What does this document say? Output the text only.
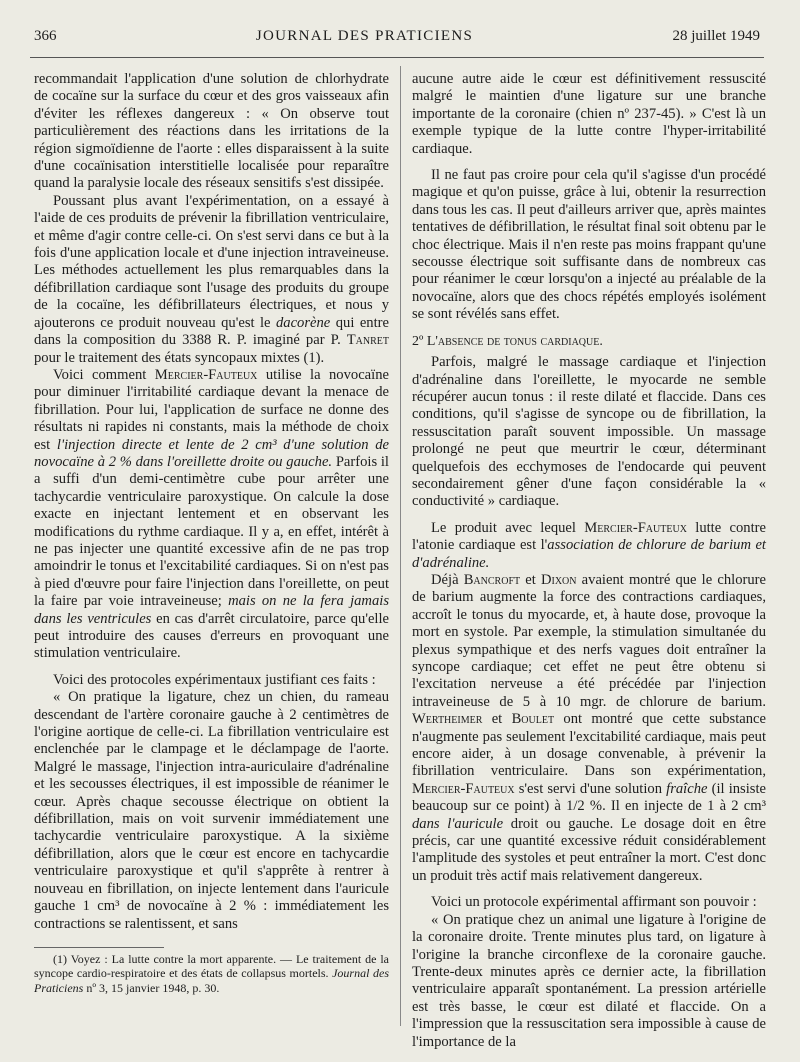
366	JOURNAL DES PRATICIENS	28 juillet 1949

recommandait l'application d'une solution de chlorhydrate de cocaïne sur la surface du cœur et des gros vaisseaux afin d'éviter les réflexes dangereux : « On observe tout particulièrement des réactions dans les irritations de la région sigmoïdienne de l'aorte : elles disparaissent à la suite d'une cocaïnisation interstitielle localisée pour reparaître quand la paralysie locale des réseaux sensitifs s'est dissipée.

Poussant plus avant l'expérimentation, on a essayé à l'aide de ces produits de prévenir la fibrillation ventriculaire, et même d'agir contre celle-ci. On s'est servi dans ce but à la fois d'une application locale et d'une injection intraveineuse. Les méthodes actuellement les plus remarquables dans la défibrillation cardiaque sont l'usage des produits du groupe de la cocaïne, les défibrillateurs électriques, et nous y ajouterons ce produit nouveau qu'est le dacorène qui entre dans la composition du 3388 R. P. imaginé par P. Tanret pour le traitement des états syncopaux mixtes (1).

Voici comment Mercier-Fauteux utilise la novocaïne pour diminuer l'irritabilité cardiaque devant la menace de fibrillation. Pour lui, l'application de surface ne donne des résultats ni rapides ni constants, mais la méthode de choix est l'injection directe et lente de 2 cm³ d'une solution de novocaïne à 2 % dans l'oreillette droite ou gauche. Parfois il a suffi d'un demi-centimètre cube pour arrêter une tachycardie ventriculaire paroxystique. On calcule la dose exacte en injectant lentement et en observant les modifications du rythme cardiaque. Il y a, en effet, intérêt à ne pas injecter une quantité excessive afin de ne pas trop amoindrir le tonus et l'excitabilité cardiaques. Si on n'est pas à pied d'œuvre pour faire l'injection dans l'oreillette, on peut la faire par voie intraveineuse; mais on ne la fera jamais dans les ventricules en cas d'arrêt circulatoire, parce qu'elle peut introduire des causes d'erreurs en provoquant une stimulation ventriculaire.

Voici des protocoles expérimentaux justifiant ces faits :

« On pratique la ligature, chez un chien, du rameau descendant de l'artère coronaire gauche à 2 centimètres de l'origine aortique de celle-ci. La fibrillation ventriculaire est enclenchée par le clampage et le déclampage de l'aorte. Malgré le massage, l'injection intra-auriculaire d'adrénaline et les secousses électriques, il est impossible de réanimer le cœur. Après chaque secousse électrique on obtient la défibrillation, mais on voit survenir immédiatement une tachycardie ventriculaire paroxystique. A la sixième défibrillation, alors que le cœur est encore en tachycardie ventriculaire paroxystique et qu'il s'apprête à rentrer à nouveau en fibrillation, on injecte lentement dans l'auricule gauche 1 cm³ de novocaïne à 2 % : immédiatement les contractions se ralentissent, et sans

(1) Voyez : La lutte contre la mort apparente. — Le traitement de la syncope cardio-respiratoire et des états de collapsus mortels. Journal des Praticiens nº 3, 15 janvier 1948, p. 30.

aucune autre aide le cœur est définitivement ressuscité malgré le maintien d'une ligature sur une branche importante de la coronaire (chien nº 237-45). » C'est là un exemple typique de la lutte contre l'hyper-irritabilité cardiaque.

Il ne faut pas croire pour cela qu'il s'agisse d'un procédé magique et qu'on puisse, grâce à lui, obtenir la resurrection dans tous les cas. Il peut d'ailleurs arriver que, après maintes tentatives de défibrillation, le résultat final soit obtenu par le choc électrique. Mais il n'en reste pas moins frappant qu'une secousse électrique soit suffisante dans de nombreux cas pour réanimer le cœur lorsqu'on a injecté au préalable de la novocaïne, alors que des chocs répétés employés isolément se sont révélés sans effet.

2º L'absence de tonus cardiaque.

Parfois, malgré le massage cardiaque et l'injection d'adrénaline dans l'oreillette, le myocarde ne semble récupérer aucun tonus : il reste dilaté et flaccide. Dans ces conditions, qu'il s'agisse de syncope ou de fibrillation, la ressuscitation paraît souvent impossible. Un massage prolongé ne peut que meurtrir le cœur, déterminant quelquefois des ecchymoses de l'endocarde qui peuvent secondairement gêner d'une façon considérable la « conductivité » cardiaque.

Le produit avec lequel Mercier-Fauteux lutte contre l'atonie cardiaque est l'association de chlorure de barium et d'adrénaline.

Déjà Bancroft et Dixon avaient montré que le chlorure de barium augmente la force des contractions cardiaques, accroît le tonus du myocarde, et, à haute dose, provoque la mort en systole. Par exemple, la stimulation simultanée du plexus sympathique et des nerfs vagues doit entraîner la syncope cardiaque; cet effet ne peut être obtenu si l'excitation nerveuse a été précédée par l'injection intraveineuse de 5 à 10 mgr. de chlorure de barium. Wertheimer et Boulet ont montré que cette substance n'augmente pas seulement l'excitabilité cardiaque, mais peut encore aider, à un dosage convenable, à prévenir la fibrillation ventriculaire. Dans son expérimentation, Mercier-Fauteux s'est servi d'une solution fraîche (il insiste beaucoup sur ce point) à 1/2 %. Il en injecte de 1 à 2 cm³ dans l'auricule droit ou gauche. Le dosage doit en être précis, car une quantité excessive réduit considérablement l'amplitude des systoles et peut entraîner la mort. C'est donc un produit très actif mais relativement dangereux.

Voici un protocole expérimental affirmant son pouvoir :

« On pratique chez un animal une ligature à l'origine de la coronaire droite. Trente minutes plus tard, on ligature à l'origine la branche circonflexe de la coronaire gauche. Trente-deux minutes après ce dernier acte, la fibrillation ventriculaire apparaît spontanément. La pression artérielle est très basse, le cœur est dilaté et flaccide. On a l'impression que la ressuscitation sera impossible à cause de l'importance de la
